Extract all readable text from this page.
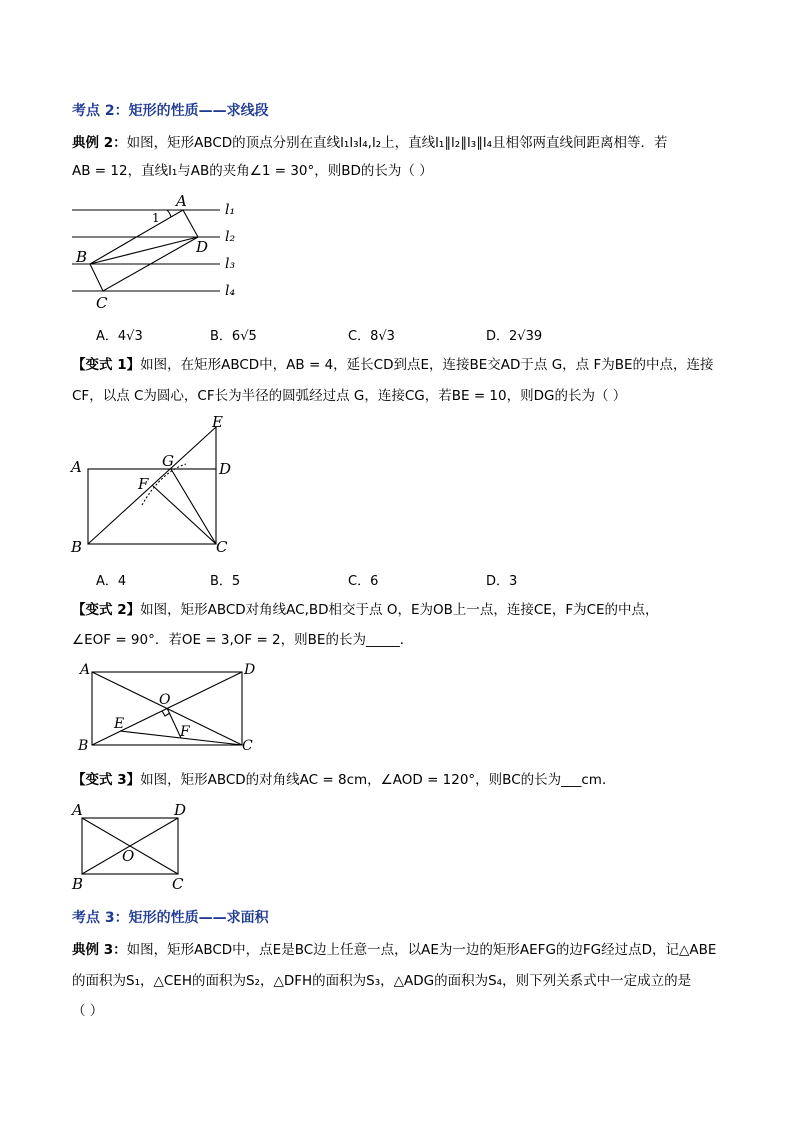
考点 2：矩形的性质——求线段
典例 2：如图，矩形ABCD的顶点分别在直线l₁l₃l₄,l₂上，直线l₁∥l₂∥l₃∥l₄且相邻两直线间距离相等．若
AB = 12，直线l₁与AB的夹角∠1 = 30°，则BD的长为（ ）
A
B
C
D
1	l₁
l₂
l₃
l₄
A．4√3	B．6√5	C．8√3	D．2√39
【变式 1】如图，在矩形ABCD中，AB = 4，延长CD到点E，连接BE交AD于点 G，点 F为BE的中点，连接
CF，以点 C为圆心，CF长为半径的圆弧经过点 G，连接CG，若BE = 10，则DG的长为（ ）
A
B	C
D
E
F
G
A．4	B．5	C．6	D．3
【变式 2】如图，矩形ABCD对角线AC,BD相交于点 O，E为OB上一点，连接CE，F为CE的中点，
∠EOF = 90°．若OE = 3,OF = 2，则BE的长为_____．
A
B	C
D
O
E	F
【变式 3】如图，矩形ABCD的对角线AC = 8cm，∠AOD = 120°，则BC的长为___cm．
A
B	C
D
O
考点 3：矩形的性质——求面积
典例 3：如图，矩形ABCD中，点E是BC边上任意一点，以AE为一边的矩形AEFG的边FG经过点D，记△ABE
的面积为S₁，△CEH的面积为S₂，△DFH的面积为S₃，△ADG的面积为S₄，则下列关系式中一定成立的是
（ ）
